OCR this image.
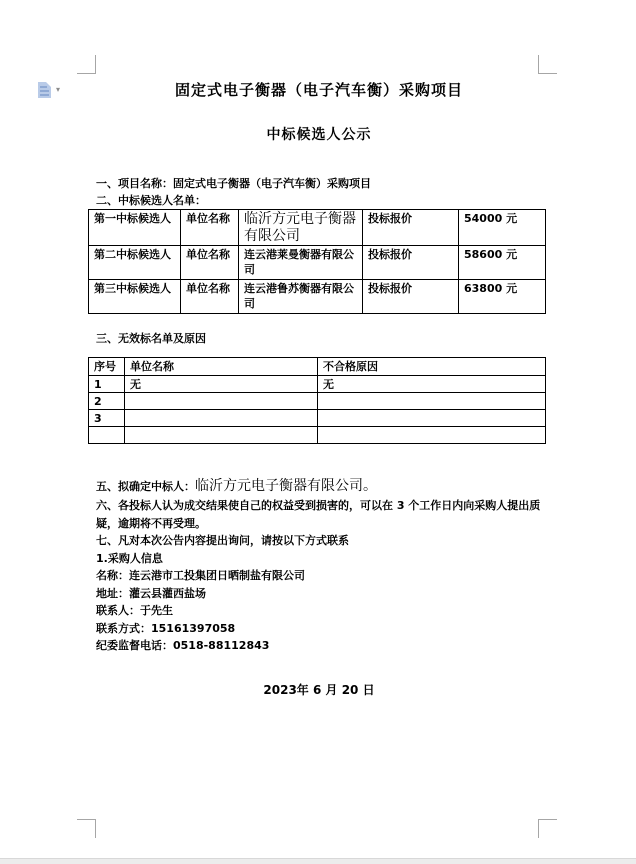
▾	固定式电子衡器（电子汽车衡）采购项目
中标候选人公示
一、项目名称：固定式电子衡器（电子汽车衡）采购项目
二、中标候选人名单：
第一中标候选人	单位名称	临沂方元电子衡器有限公司	投标报价	54000 元
第二中标候选人	单位名称	连云港莱曼衡器有限公司	投标报价	58600 元
第三中标候选人	单位名称	连云港鲁苏衡器有限公司	投标报价	63800 元
三、无效标名单及原因
序号	单位名称	不合格原因
1	无	无
2		
3		

五、拟确定中标人：临沂方元电子衡器有限公司。
六、各投标人认为成交结果使自己的权益受到损害的，可以在 3 个工作日内向采购人提出质疑，逾期将不再受理。
七、凡对本次公告内容提出询问，请按以下方式联系
1.采购人信息
名称：连云港市工投集团日晒制盐有限公司
地址：灌云县灌西盐场
联系人：于先生
联系方式：15161397058
纪委监督电话：0518-88112843
2023年 6 月 20 日
